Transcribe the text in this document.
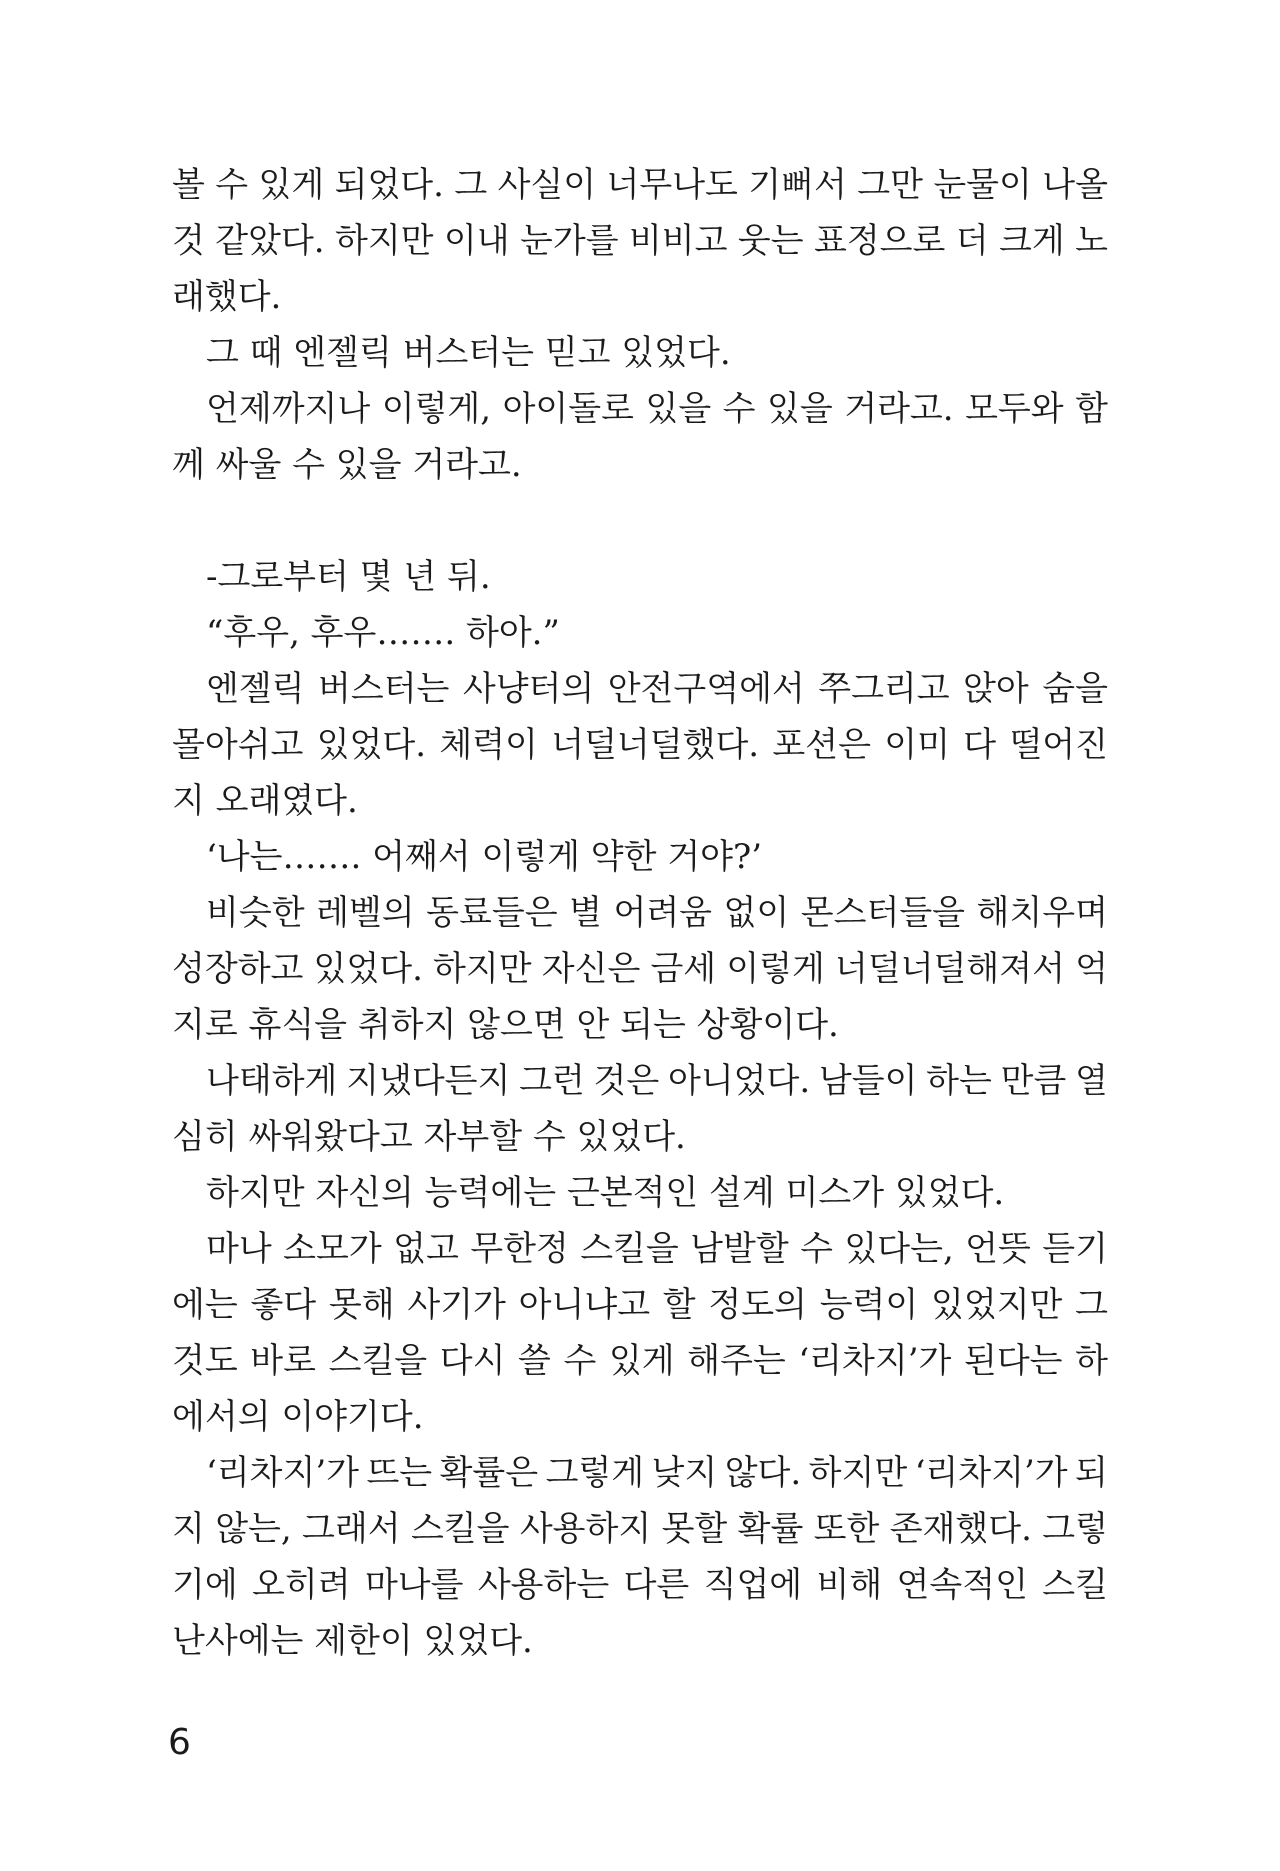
볼 수 있게 되었다. 그 사실이 너무나도 기뻐서 그만 눈물이 나올
것 같았다. 하지만 이내 눈가를 비비고 웃는 표정으로 더 크게 노
래했다.
그 때 엔젤릭 버스터는 믿고 있었다.
언제까지나 이렇게, 아이돌로 있을 수 있을 거라고. 모두와 함
께 싸울 수 있을 거라고.
-그로부터 몇 년 뒤.
“후우, 후우……. 하아.”
엔젤릭 버스터는 사냥터의 안전구역에서 쭈그리고 앉아 숨을
몰아쉬고 있었다. 체력이 너덜너덜했다. 포션은 이미 다 떨어진
지 오래였다.
‘나는……. 어째서 이렇게 약한 거야?’
비슷한 레벨의 동료들은 별 어려움 없이 몬스터들을 해치우며
성장하고 있었다. 하지만 자신은 금세 이렇게 너덜너덜해져서 억
지로 휴식을 취하지 않으면 안 되는 상황이다.
나태하게 지냈다든지 그런 것은 아니었다. 남들이 하는 만큼 열
심히 싸워왔다고 자부할 수 있었다.
하지만 자신의 능력에는 근본적인 설계 미스가 있었다.
마나 소모가 없고 무한정 스킬을 남발할 수 있다는, 언뜻 듣기
에는 좋다 못해 사기가 아니냐고 할 정도의 능력이 있었지만 그
것도 바로 스킬을 다시 쓸 수 있게 해주는 ‘리차지’가 된다는 하
에서의 이야기다.
‘리차지’가 뜨는 확률은 그렇게 낮지 않다. 하지만 ‘리차지’가 되
지 않는, 그래서 스킬을 사용하지 못할 확률 또한 존재했다. 그렇
기에 오히려 마나를 사용하는 다른 직업에 비해 연속적인 스킬
난사에는 제한이 있었다.
6
